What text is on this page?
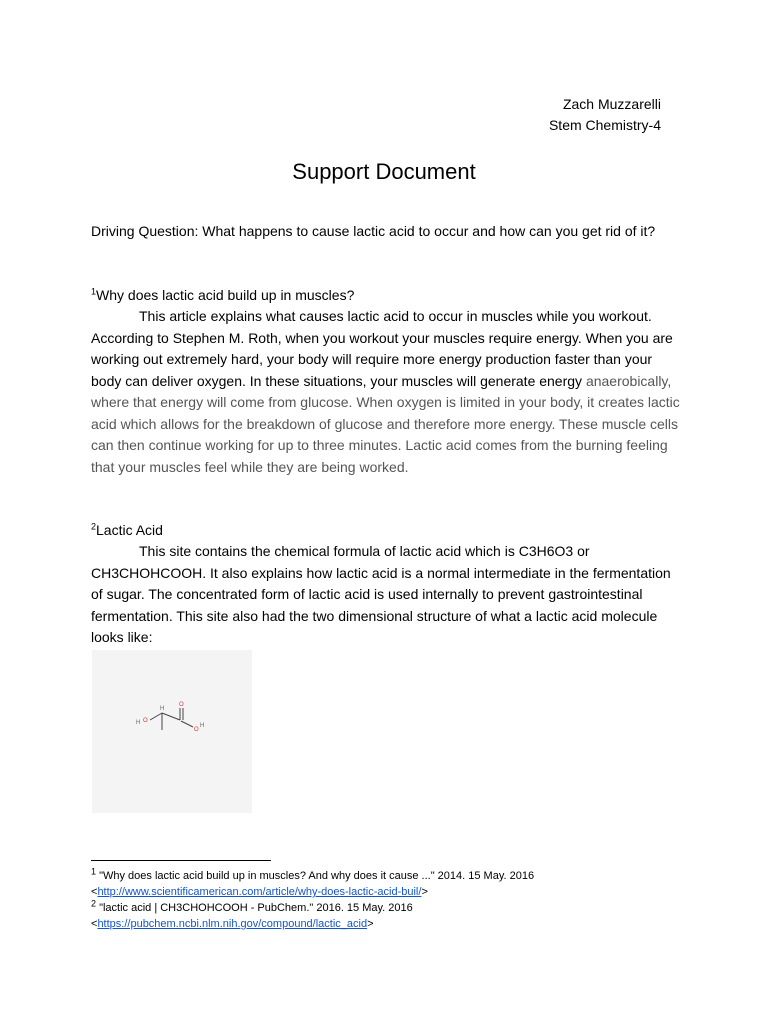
Zach Muzzarelli
Stem Chemistry-4
Support Document

Driving Question: What happens to cause lactic acid to occur and how can you get rid of it?

$^1$Why does lactic acid build up in muscles?

This article explains what causes lactic acid to occur in muscles while you workout. According to Stephen M. Roth, when you workout your muscles require energy. When you are working out extremely hard, your body will require more energy production faster than your body can deliver oxygen. In these situations, your muscles will generate energy anaerobically, where that energy will come from glucose. When oxygen is limited in your body, it creates lactic acid which allows for the breakdown of glucose and therefore more energy. These muscle cells can then continue working for up to three minutes. Lactic acid comes from the burning feeling that your muscles feel while they are being worked.

$^2$Lactic Acid

This site contains the chemical formula of lactic acid which is C3H6O3 or CH3CHOHCOOH. It also explains how lactic acid is a normal intermediate in the fermentation of sugar. The concentrated form of lactic acid is used internally to prevent gastrointestinal fermentation. This site also had the two dimensional structure of what a lactic acid molecule looks like:

H O
H
O
O
H
$^1$ "Why does lactic acid build up in muscles? And why does it cause ..." 2014. 15 May. 2016
<http://www.scientificamerican.com/article/why-does-lactic-acid-buil/>
$^2$ "lactic acid | CH3CHOHCOOH - PubChem." 2016. 15 May. 2016
<https://pubchem.ncbi.nlm.nih.gov/compound/lactic_acid>
